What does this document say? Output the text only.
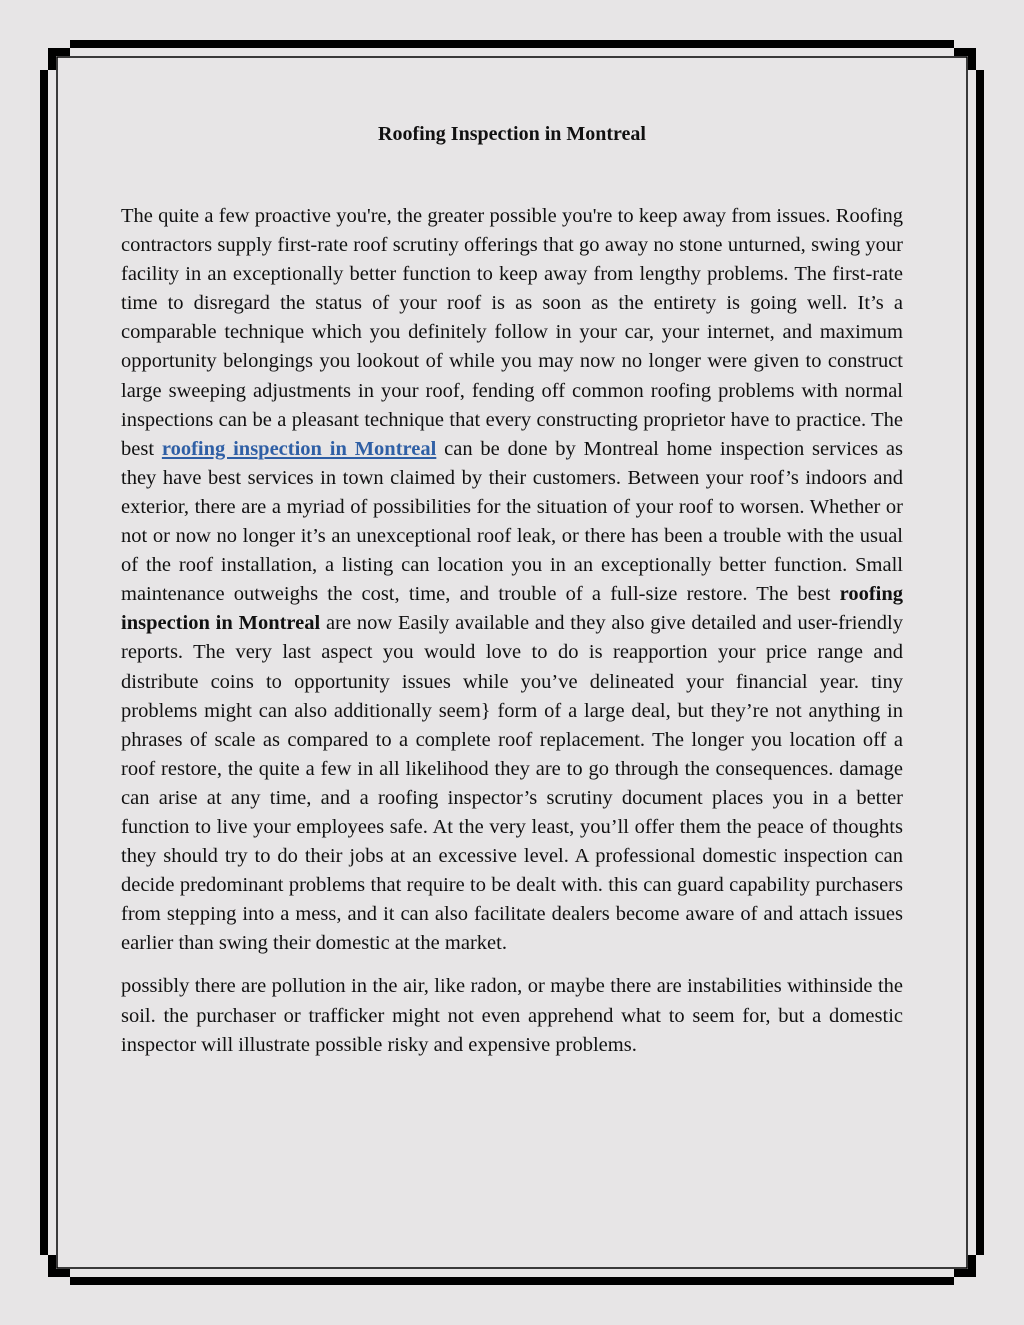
Roofing Inspection in Montreal

The quite a few proactive you're, the greater possible you're to keep away from issues. Roofing contractors supply first-rate roof scrutiny offerings that go away no stone unturned, swing your facility in an exceptionally better function to keep away from lengthy problems. The first-rate time to disregard the status of your roof is as soon as the entirety is going well. It’s a comparable technique which you definitely follow in your car, your internet, and maximum opportunity belongings you lookout of while you may now no longer were given to construct large sweeping adjustments in your roof, fending off common roofing problems with normal inspections can be a pleasant technique that every constructing proprietor have to practice. The best roofing inspection in Montreal can be done by Montreal home inspection services as they have best services in town claimed by their customers. Between your roof’s indoors and exterior, there are a myriad of possibilities for the situation of your roof to worsen. Whether or not or now no longer it’s an unexceptional roof leak, or there has been a trouble with the usual of the roof installation, a listing can location you in an exceptionally better function. Small maintenance outweighs the cost, time, and trouble of a full-size restore. The best roofing inspection in Montreal are now Easily available and they also give detailed and user-friendly reports. The very last aspect you would love to do is reapportion your price range and distribute coins to opportunity issues while you’ve delineated your financial year. tiny problems might can also additionally seem} form of a large deal, but they’re not anything in phrases of scale as compared to a complete roof replacement. The longer you location off a roof restore, the quite a few in all likelihood they are to go through the consequences. damage can arise at any time, and a roofing inspector’s scrutiny document places you in a better function to live your employees safe. At the very least, you’ll offer them the peace of thoughts they should try to do their jobs at an excessive level. A professional domestic inspection can decide predominant problems that require to be dealt with. this can guard capability purchasers from stepping into a mess, and it can also facilitate dealers become aware of and attach issues earlier than swing their domestic at the market.

possibly there are pollution in the air, like radon, or maybe there are instabilities withinside the soil. the purchaser or trafficker might not even apprehend what to seem for, but a domestic inspector will illustrate possible risky and expensive problems.
